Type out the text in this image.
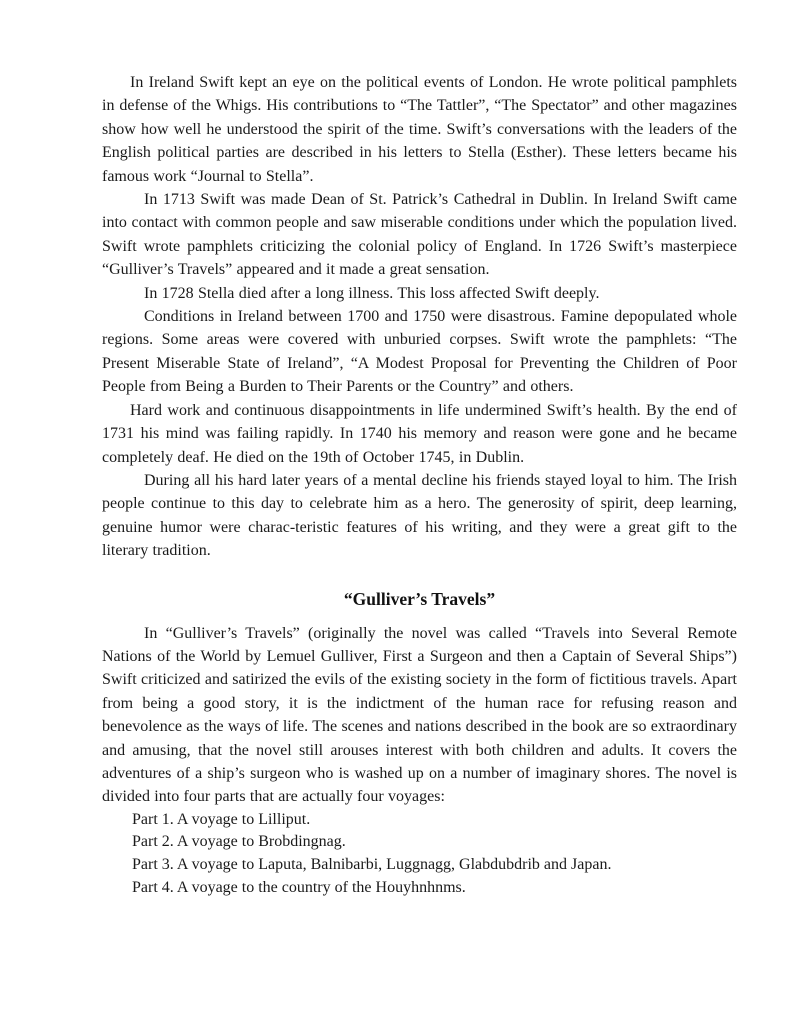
In Ireland Swift kept an eye on the political events of London. He wrote political pamphlets in defense of the Whigs. His contributions to “The Tattler”, “The Spectator” and other magazines show how well he understood the spirit of the time. Swift’s conversations with the leaders of the English political parties are described in his letters to Stella (Esther). These letters became his famous work “Journal to Stella”.

In 1713 Swift was made Dean of St. Patrick’s Cathedral in Dublin. In Ireland Swift came into contact with common people and saw miserable conditions under which the population lived. Swift wrote pamphlets criticizing the colonial policy of England. In 1726 Swift’s masterpiece “Gulliver’s Travels” appeared and it made a great sensation.

In 1728 Stella died after a long illness. This loss affected Swift deeply.

Conditions in Ireland between 1700 and 1750 were disastrous. Famine depopulated whole regions. Some areas were covered with unburied corpses. Swift wrote the pamphlets: “The Present Miserable State of Ireland”, “A Modest Proposal for Preventing the Children of Poor People from Being a Burden to Their Parents or the Country” and others.

Hard work and continuous disappointments in life undermined Swift’s health. By the end of 1731 his mind was failing rapidly. In 1740 his memory and reason were gone and he became completely deaf. He died on the 19th of October 1745, in Dublin.

During all his hard later years of a mental decline his friends stayed loyal to him. The Irish people continue to this day to celebrate him as a hero. The generosity of spirit, deep learning, genuine humor were charac-teristic features of his writing, and they were a great gift to the literary tradition.

“Gulliver’s Travels”

In “Gulliver’s Travels” (originally the novel was called “Travels into Several Remote Nations of the World by Lemuel Gulliver, First a Surgeon and then a Captain of Several Ships”) Swift criticized and satirized the evils of the existing society in the form of fictitious travels. Apart from being a good story, it is the indictment of the human race for refusing reason and benevolence as the ways of life. The scenes and nations described in the book are so extraordinary and amusing, that the novel still arouses interest with both children and adults. It covers the adventures of a ship’s surgeon who is washed up on a number of imaginary shores. The novel is divided into four parts that are actually four voyages:

Part 1. A voyage to Lilliput.

Part 2. A voyage to Brobdingnag.

Part 3. A voyage to Laputa, Balnibarbi, Luggnagg, Glabdubdrib and Japan.

Part 4. A voyage to the country of the Houyhnhnms.
